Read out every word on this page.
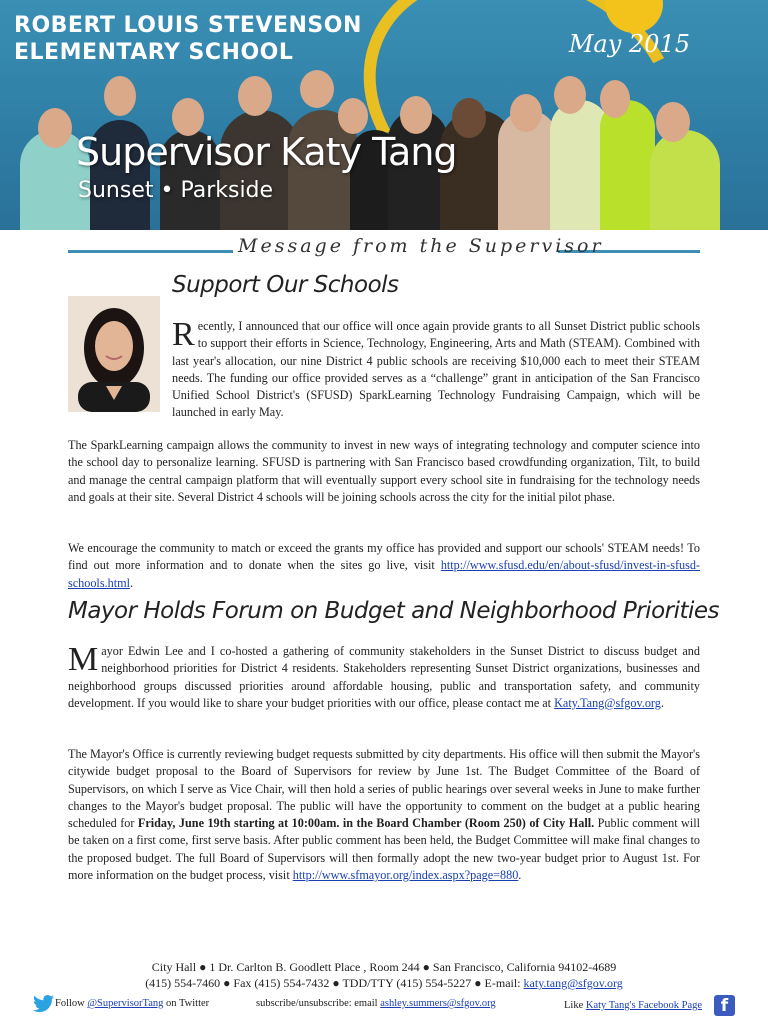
ROBERT LOUIS STEVENSON
ELEMENTARY SCHOOL	May 2015
Supervisor Katy Tang
Sunset • Parkside
Message from the Supervisor
Support Our Schools

Recently, I announced that our office will once again provide grants to all Sunset District public schools to support their efforts in Science, Technology, Engineering, Arts and Math (STEAM). Combined with last year's allocation, our nine District 4 public schools are receiving $10,000 each to meet their STEAM needs. The funding our office provided serves as a “challenge” grant in anticipation of the San Francisco Unified School District's (SFUSD) SparkLearning Technology Fundraising Campaign, which will be launched in early May.

The SparkLearning campaign allows the community to invest in new ways of integrating technology and computer science into the school day to personalize learning. SFUSD is partnering with San Francisco based crowdfunding organization, Tilt, to build and manage the central campaign platform that will eventually support every school site in fundraising for the technology needs and goals at their site. Several District 4 schools will be joining schools across the city for the initial pilot phase.

We encourage the community to match or exceed the grants my office has provided and support our schools' STEAM needs! To find out more information and to donate when the sites go live, visit http://www.sfusd.edu/en/about-sfusd/invest-in-sfusd-schools.html.

Mayor Holds Forum on Budget and Neighborhood Priorities

Mayor Edwin Lee and I co-hosted a gathering of community stakeholders in the Sunset District to discuss budget and neighborhood priorities for District 4 residents. Stakeholders representing Sunset District organizations, businesses and neighborhood groups discussed priorities around affordable housing, public and transportation safety, and community development. If you would like to share your budget priorities with our office, please contact me at Katy.Tang@sfgov.org.

The Mayor's Office is currently reviewing budget requests submitted by city departments. His office will then submit the Mayor's citywide budget proposal to the Board of Supervisors for review by June 1st. The Budget Committee of the Board of Supervisors, on which I serve as Vice Chair, will then hold a series of public hearings over several weeks in June to make further changes to the Mayor's budget proposal. The public will have the opportunity to comment on the budget at a public hearing scheduled for Friday, June 19th starting at 10:00am. in the Board Chamber (Room 250) of City Hall. Public comment will be taken on a first come, first serve basis. After public comment has been held, the Budget Committee will make final changes to the proposed budget. The full Board of Supervisors will then formally adopt the new two-year budget prior to August 1st. For more information on the budget process, visit http://www.sfmayor.org/index.aspx?page=880.

City Hall ● 1 Dr. Carlton B. Goodlett Place , Room 244 ● San Francisco, California 94102-4689
(415) 554-7460 ● Fax (415) 554-7432 ● TDD/TTY (415) 554-5227 ● E-mail: katy.tang@sfgov.org
Follow @SupervisorTang on Twitter	subscribe/unsubscribe: email ashley.summers@sfgov.org	Like Katy Tang's Facebook Page	f
